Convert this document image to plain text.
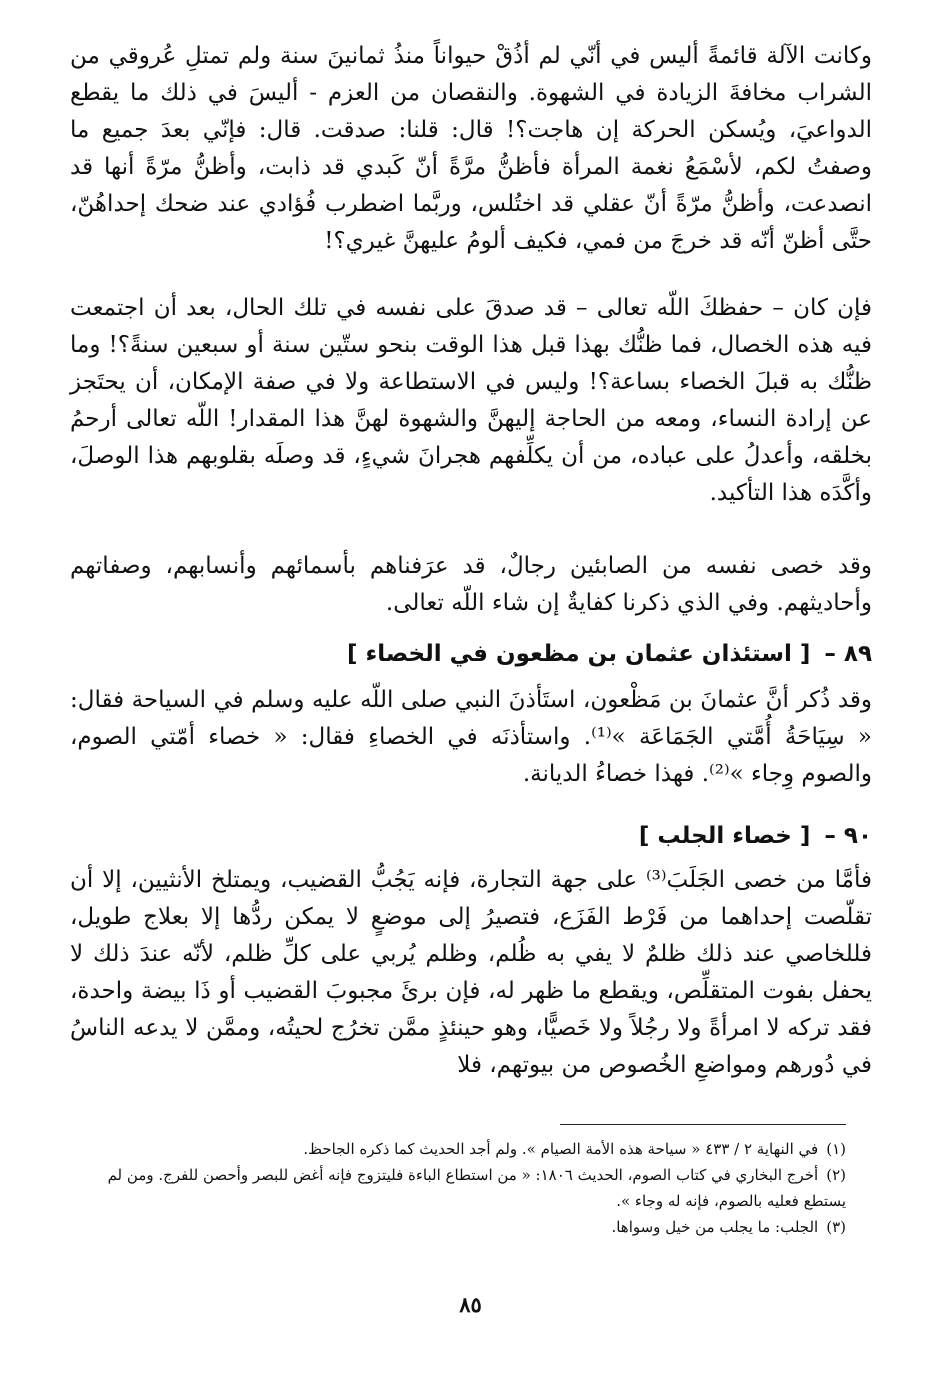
وكانت الآلة قائمةً أليس في أنّي لم أذُقْ حيواناً منذُ ثمانينَ سنة ولم تمتلِ عُروقي من الشراب مخافةَ الزيادة في الشهوة. والنقصان من العزم - أليسَ في ذلك ما يقطع الدواعيَ، ويُسكن الحركة إن هاجت؟! قال: قلنا: صدقت. قال: فإنّي بعدَ جميع ما وصفتُ لكم، لأسْمَعُ نغمة المرأة فأظنُّ مرَّةً أنّ كَبدي قد ذابت، وأظنُّ مرّةً أنها قد انصدعت، وأظنُّ مرّةً أنّ عقلي قد اختُلس، وربَّما اضطرب فُؤادي عند ضحك إحداهُنّ، حتَّى أظنّ أنّه قد خرجَ من فمي، فكيف ألومُ عليهنَّ غيري؟!

فإن كان – حفظكَ اللّه تعالى – قد صدقَ على نفسه في تلك الحال، بعد أن اجتمعت فيه هذه الخصال، فما ظنُّك بهذا قبل هذا الوقت بنحو ستّين سنة أو سبعين سنةً؟! وما ظنُّك به قبلَ الخصاء بساعة؟! وليس في الاستطاعة ولا في صفة الإمكان، أن يحتَجز عن إرادة النساء، ومعه من الحاجة إليهنَّ والشهوة لهنَّ هذا المقدار! اللّه تعالى أرحمُ بخلقه، وأعدلُ على عباده، من أن يكلِّفهم هجرانَ شيءٍ، قد وصلَه بقلوبهم هذا الوصلَ، وأكَّدَه هذا التأكيد.

وقد خصى نفسه من الصابئين رجالٌ، قد عرَفناهم بأسمائهم وأنسابهم، وصفاتهم وأحاديثهم. وفي الذي ذكرنا كفايةٌ إن شاء اللّه تعالى.

٨٩ –[ استئذان عثمان بن مظعون في الخصاء ]

وقد ذُكر أنَّ عثمانَ بن مَظْعون، استَأذنَ النبي صلى اللّه عليه وسلم في السياحة فقال: « سِيَاحَةُ أُمَّتي الجَمَاعَة »⁽¹⁾. واستأذنَه في الخصاءِ فقال: « خصاء أمّتي الصوم، والصوم وِجاء »⁽²⁾. فهذا خصاءُ الديانة.

٩٠ –[ خصاء الجلب ]

فأمَّا من خصى الجَلَبَ⁽³⁾ على جهة التجارة، فإنه يَجُبُّ القضيب، ويمتلخ الأنثيين، إلا أن تقلّصت إحداهما من فَرْط الفَزَع، فتصيرُ إلى موضعٍ لا يمكن ردُّها إلا بعلاج طويل، فللخاصي عند ذلك ظلمٌ لا يفي به ظُلم، وظلم يُربي على كلِّ ظلم، لأنّه عندَ ذلك لا يحفل بفوت المتقلِّص، ويقطع ما ظهر له، فإن برئَ مجبوبَ القضيب أو ذَا بيضة واحدة، فقد تركه لا امرأةً ولا رجُلاً ولا خَصيًّا، وهو حينئذٍ ممَّن تخرُج لحيتُه، وممَّن لا يدعه الناسُ في دُورهم ومواضعِ الخُصوص من بيوتهم، فلا

(١)في النهاية ٢ / ٤٣٣ « سياحة هذه الأمة الصيام ». ولم أجد الحديث كما ذكره الجاحظ.
(٢)أخرج البخاري في كتاب الصوم، الحديث ١٨٠٦: « من استطاع الباءة فليتزوج فإنه أغض للبصر وأحصن للفرج. ومن لم يستطع فعليه بالصوم، فإنه له وجاء ».
(٣)الجلب: ما يجلب من خيل وسواها.
٨٥
